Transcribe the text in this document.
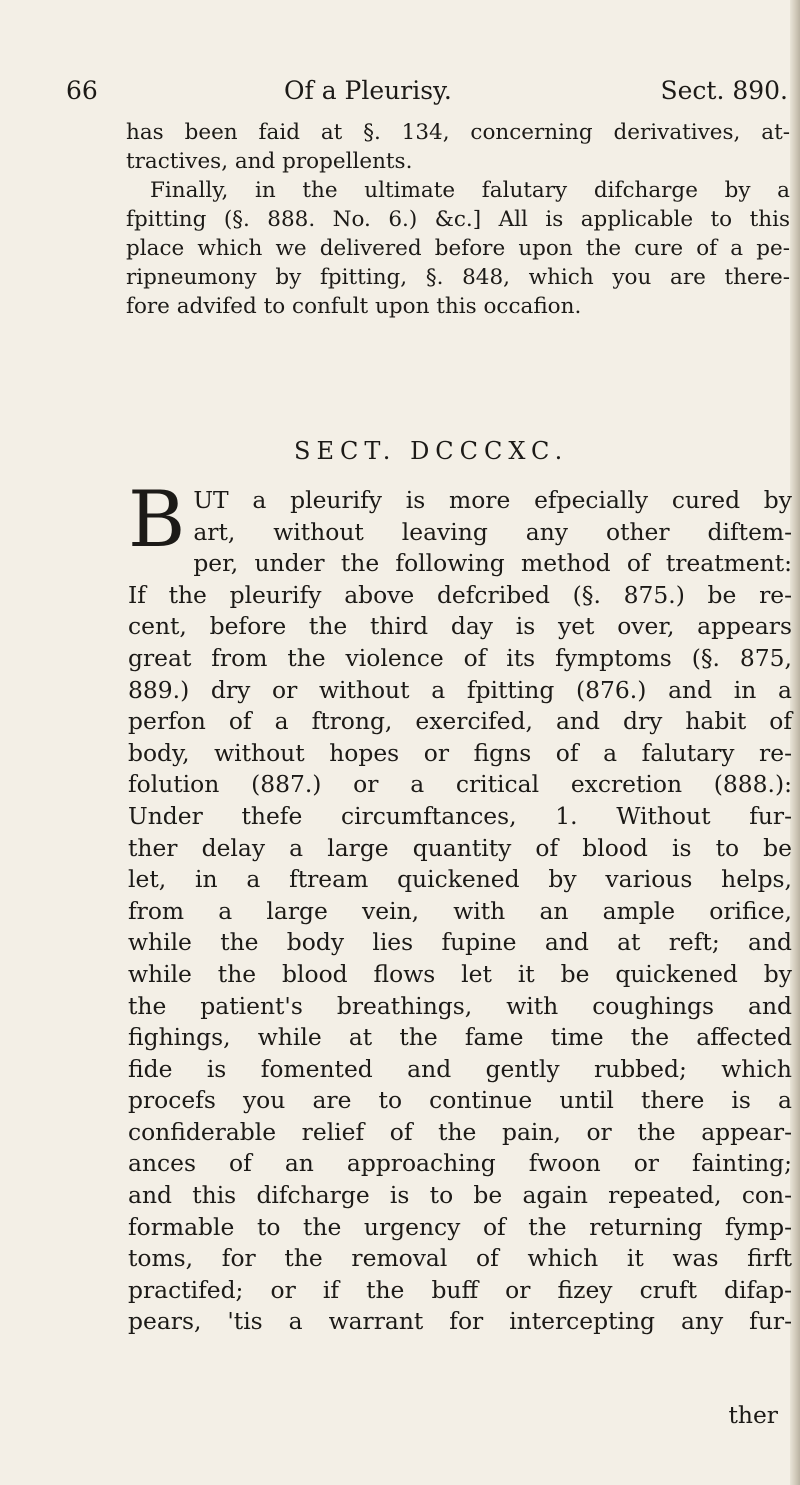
66	Of a Pleurisy.	Sect. 890.
has been faid at §. 134, concerning derivatives, at-
tractives, and propellents.
Finally, in the ultimate falutary difcharge by a
fpitting (§. 888. No. 6.) &c.] All is applicable to this
place which we delivered before upon the cure of a pe-
ripneumony by fpitting, §. 848, which you are there-
fore advifed to confult upon this occafion.
SECT. DCCCXC.
B UT a pleurify is more efpecially cured by
art, without leaving any other diftem-
per, under the following method of treatment:
If the pleurify above defcribed (§. 875.) be re-
cent, before the third day is yet over, appears
great from the violence of its fymptoms (§. 875,
889.) dry or without a fpitting (876.) and in a
perfon of a ftrong, exercifed, and dry habit of
body, without hopes or figns of a falutary re-
folution (887.) or a critical excretion (888.):
Under thefe circumftances, 1. Without fur-
ther delay a large quantity of blood is to be
let, in a ftream quickened by various helps,
from a large vein, with an ample orifice,
while the body lies fupine and at reft; and
while the blood flows let it be quickened by
the patient's breathings, with coughings and
fighings, while at the fame time the affected
fide is fomented and gently rubbed; which
procefs you are to continue until there is a
confiderable relief of the pain, or the appear-
ances of an approaching fwoon or fainting;
and this difcharge is to be again repeated, con-
formable to the urgency of the returning fymp-
toms, for the removal of which it was firft
practifed; or if the buff or fizey cruft difap-
pears, 'tis a warrant for intercepting any fur-
ther
